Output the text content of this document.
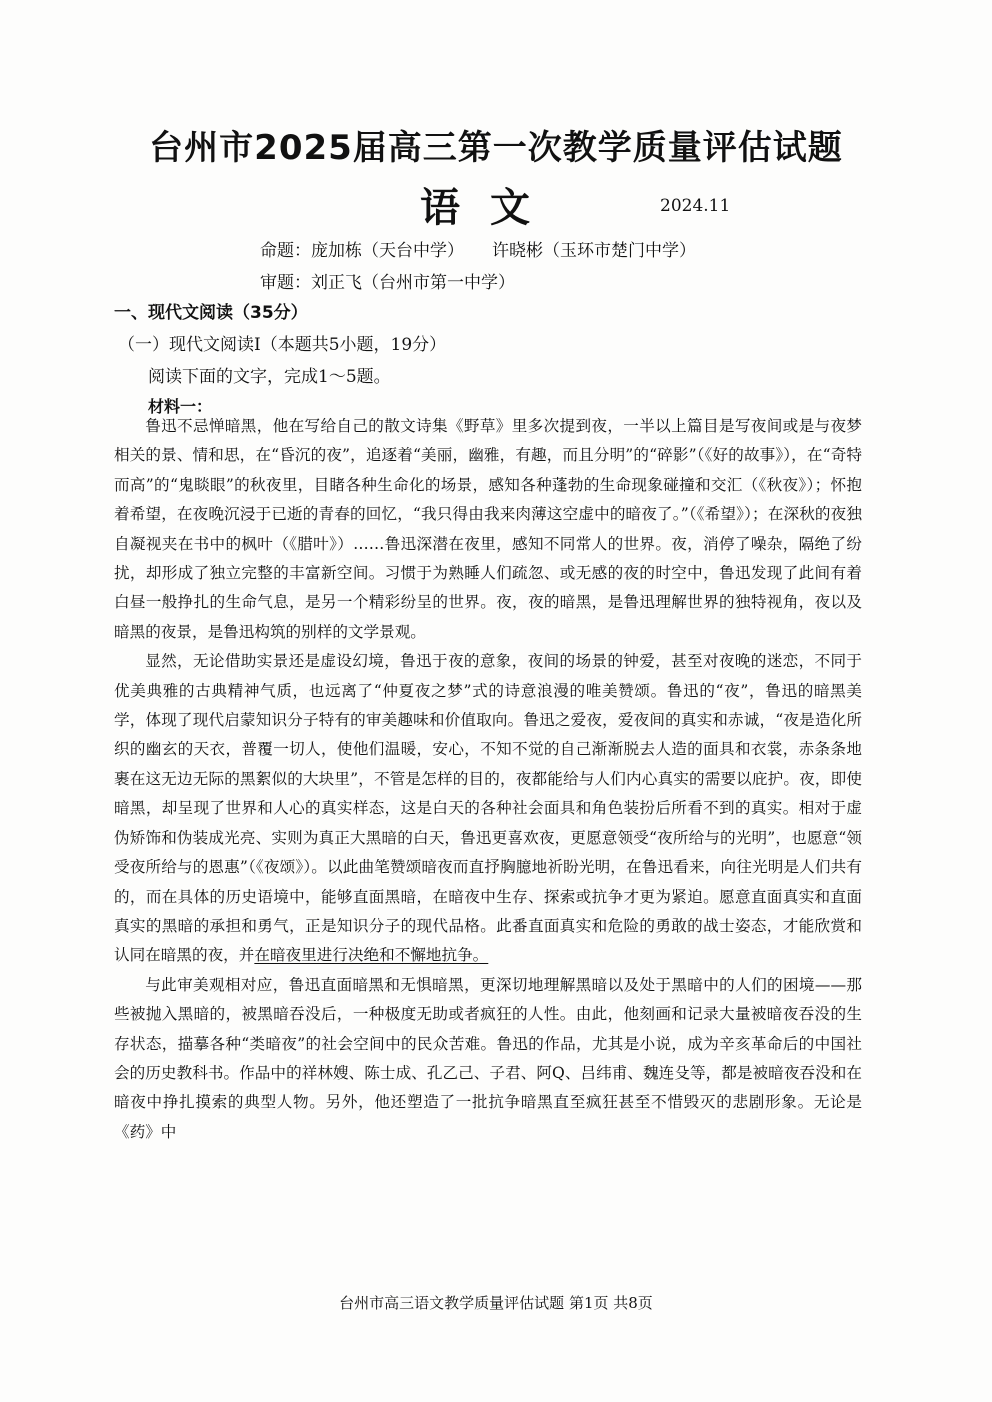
台州市2025届高三第一次教学质量评估试题
语文	2024.11
命题：庞加栋（天台中学） 许晓彬（玉环市楚门中学）
审题：刘正飞（台州市第一中学）
一、现代文阅读（35分）
（一）现代文阅读Ⅰ（本题共5小题，19分）
阅读下面的文字，完成1～5题。
材料一：

鲁迅不忌惮暗黑，他在写给自己的散文诗集《野草》里多次提到夜，一半以上篇目是写夜间或是与夜梦相关的景、情和思，在“昏沉的夜”，追逐着“美丽，幽雅，有趣，而且分明”的“碎影”（《好的故事》），在“奇特而高”的“鬼睒眼”的秋夜里，目睹各种生命化的场景，感知各种蓬勃的生命现象碰撞和交汇（《秋夜》）；怀抱着希望，在夜晚沉浸于已逝的青春的回忆，“我只得由我来肉薄这空虚中的暗夜了。”（《希望》）；在深秋的夜独自凝视夹在书中的枫叶（《腊叶》）……鲁迅深潜在夜里，感知不同常人的世界。夜，消停了噪杂，隔绝了纷扰，却形成了独立完整的丰富新空间。习惯于为熟睡人们疏忽、或无感的夜的时空中，鲁迅发现了此间有着白昼一般挣扎的生命气息，是另一个精彩纷呈的世界。夜，夜的暗黑，是鲁迅理解世界的独特视角，夜以及暗黑的夜景，是鲁迅构筑的别样的文学景观。

显然，无论借助实景还是虚设幻境，鲁迅于夜的意象，夜间的场景的钟爱，甚至对夜晚的迷恋，不同于优美典雅的古典精神气质，也远离了“仲夏夜之梦”式的诗意浪漫的唯美赞颂。鲁迅的“夜”，鲁迅的暗黑美学，体现了现代启蒙知识分子特有的审美趣味和价值取向。鲁迅之爱夜，爱夜间的真实和赤诚，“夜是造化所织的幽玄的天衣，普覆一切人，使他们温暖，安心，不知不觉的自己渐渐脱去人造的面具和衣裳，赤条条地裹在这无边无际的黑絮似的大块里”，不管是怎样的目的，夜都能给与人们内心真实的需要以庇护。夜，即使暗黑，却呈现了世界和人心的真实样态，这是白天的各种社会面具和角色装扮后所看不到的真实。相对于虚伪矫饰和伪装成光亮、实则为真正大黑暗的白天，鲁迅更喜欢夜，更愿意领受“夜所给与的光明”，也愿意“领受夜所给与的恩惠”（《夜颂》）。以此曲笔赞颂暗夜而直抒胸臆地祈盼光明，在鲁迅看来，向往光明是人们共有的，而在具体的历史语境中，能够直面黑暗，在暗夜中生存、探索或抗争才更为紧迫。愿意直面真实和直面真实的黑暗的承担和勇气，正是知识分子的现代品格。此番直面真实和危险的勇敢的战士姿态，才能欣赏和认同在暗黑的夜，并在暗夜里进行决绝和不懈地抗争。

与此审美观相对应，鲁迅直面暗黑和无惧暗黑，更深切地理解黑暗以及处于黑暗中的人们的困境——那些被抛入黑暗的，被黑暗吞没后，一种极度无助或者疯狂的人性。由此，他刻画和记录大量被暗夜吞没的生存状态，描摹各种“类暗夜”的社会空间中的民众苦难。鲁迅的作品，尤其是小说，成为辛亥革命后的中国社会的历史教科书。作品中的祥林嫂、陈士成、孔乙己、子君、阿Q、吕纬甫、魏连殳等，都是被暗夜吞没和在暗夜中挣扎摸索的典型人物。另外，他还塑造了一批抗争暗黑直至疯狂甚至不惜毁灭的悲剧形象。无论是《药》中

台州市高三语文教学质量评估试题 第1页 共8页
